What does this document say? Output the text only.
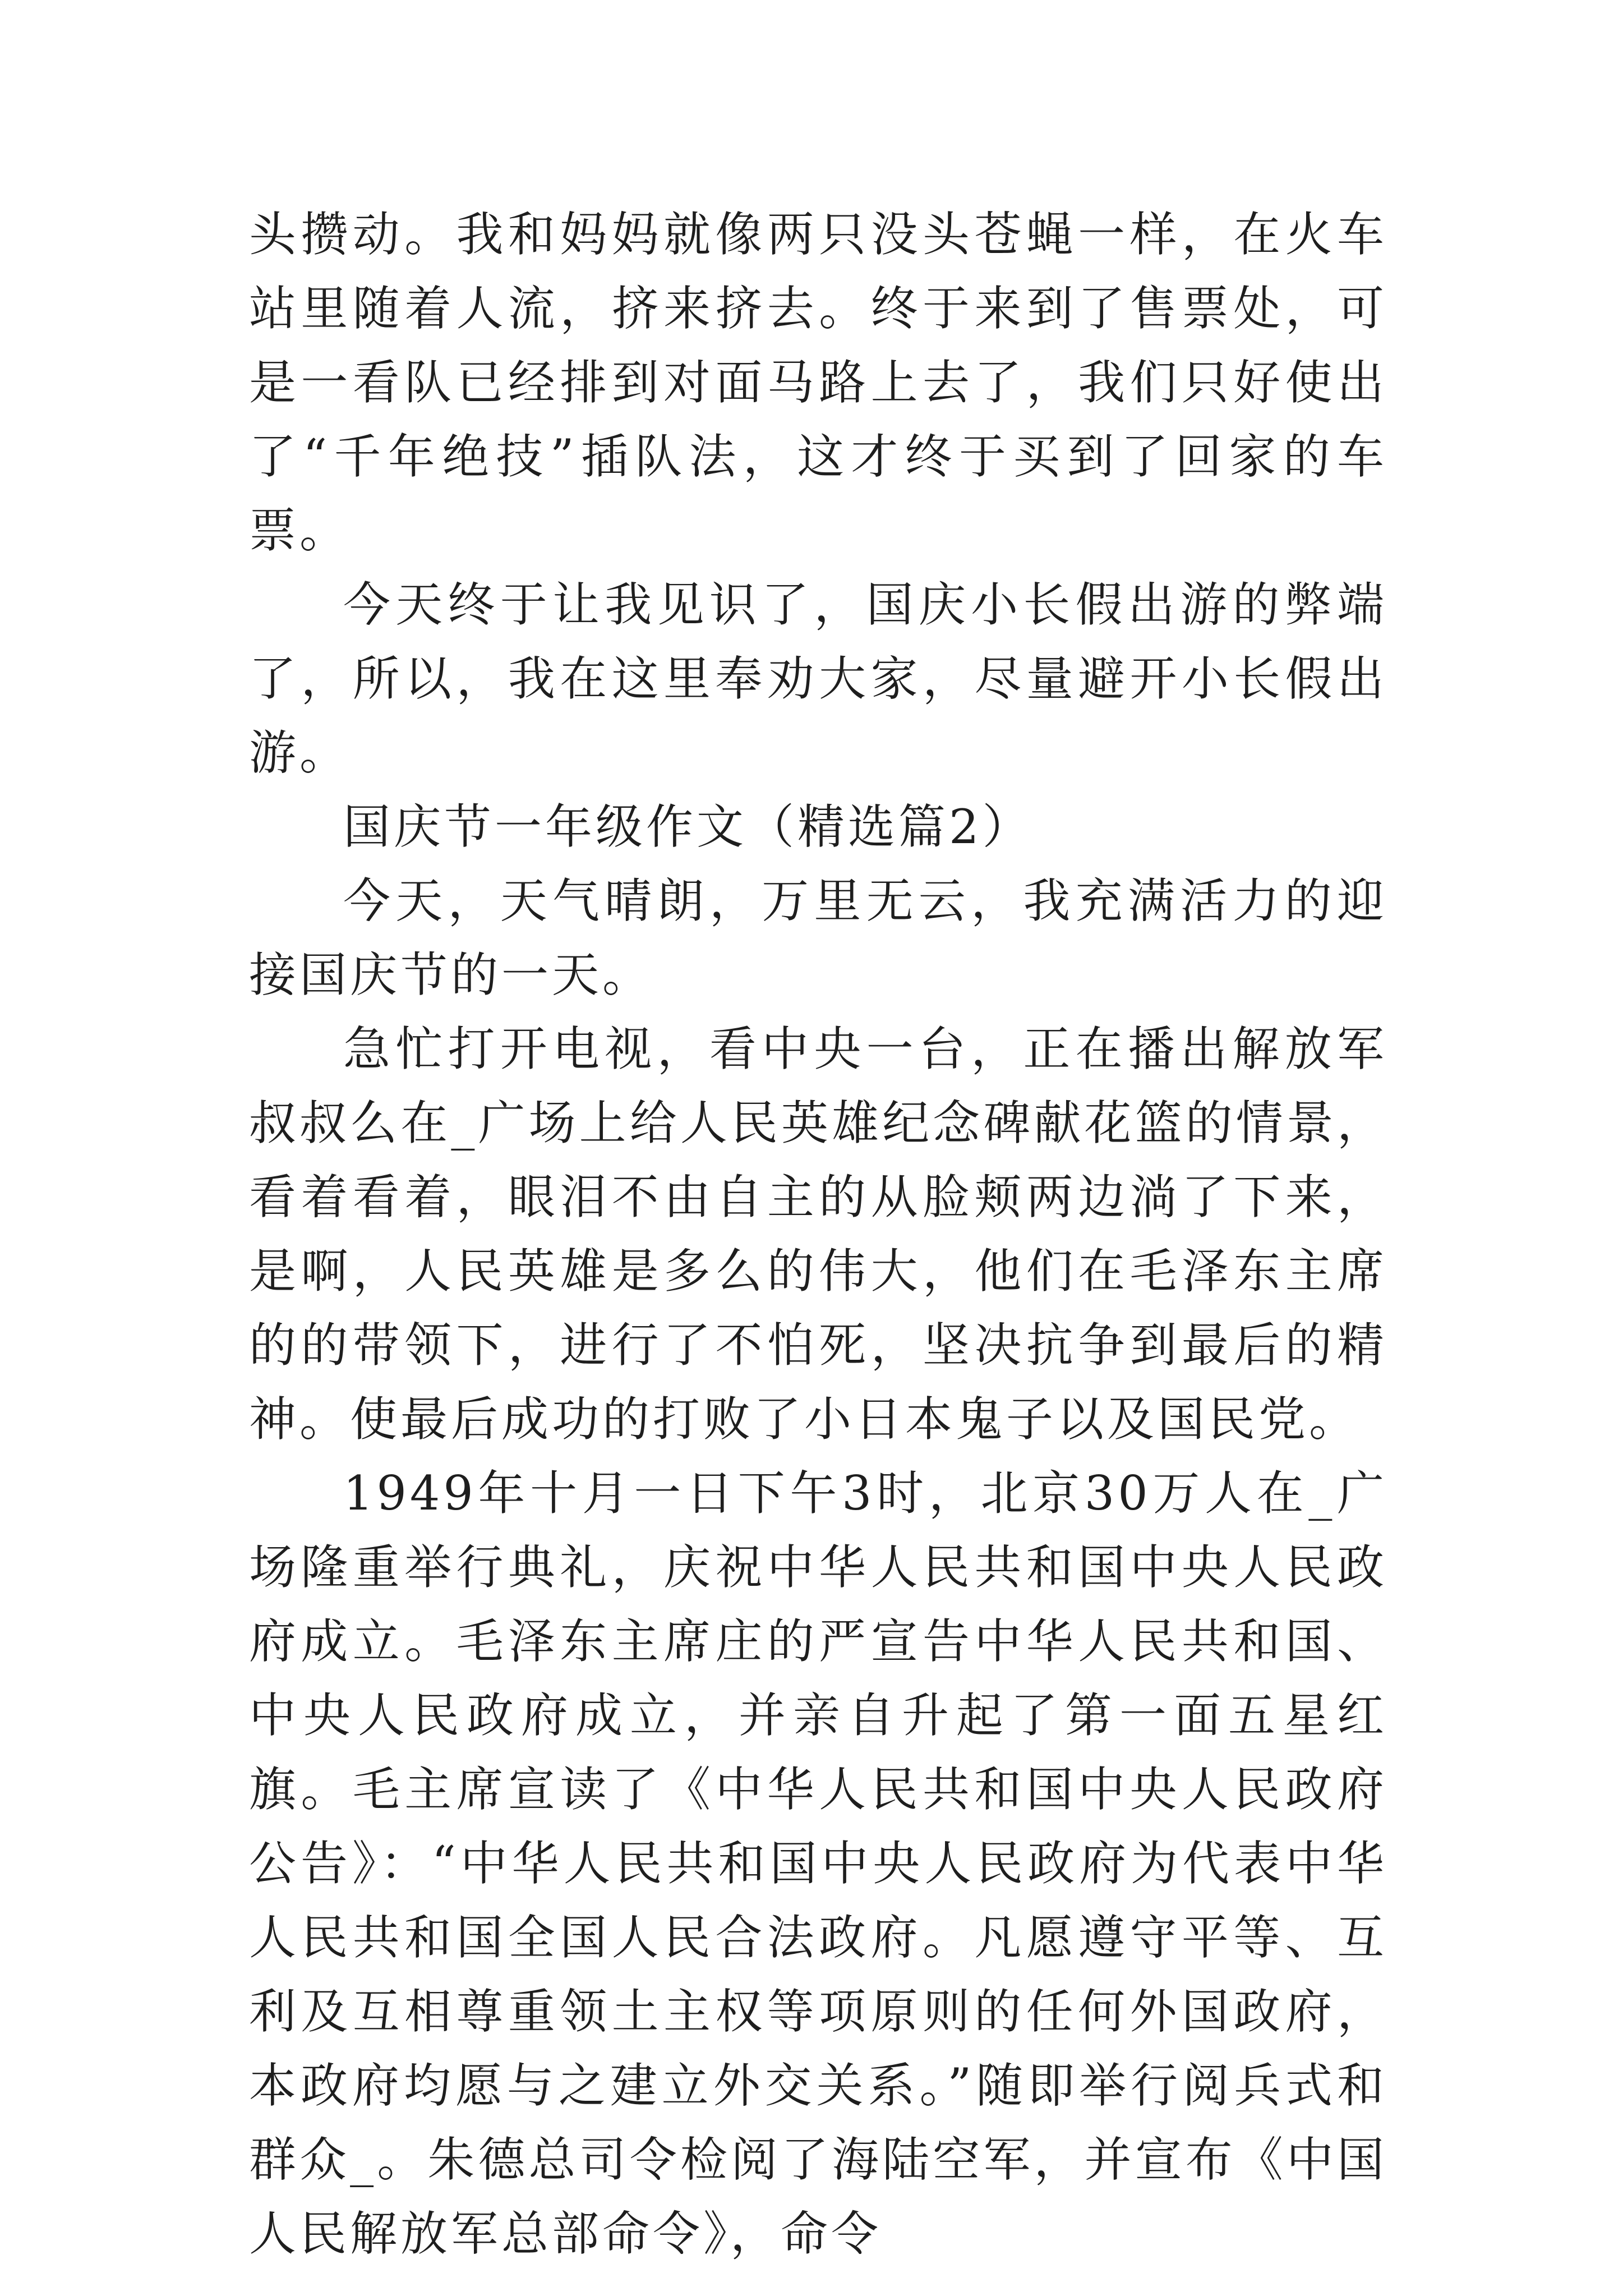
头攒动。我和妈妈就像两只没头苍蝇一样，在火车站里随着人流，挤来挤去。终于来到了售票处，可是一看队已经排到对面马路上去了，我们只好使出了“千年绝技”插队法，这才终于买到了回家的车票。

今天终于让我见识了，国庆小长假出游的弊端了，所以，我在这里奉劝大家，尽量避开小长假出游。

国庆节一年级作文（精选篇2）

今天，天气晴朗，万里无云，我充满活力的迎接国庆节的一天。

急忙打开电视，看中央一台，正在播出解放军叔叔么在_广场上给人民英雄纪念碑献花篮的情景，看着看着，眼泪不由自主的从脸颊两边淌了下来，是啊，人民英雄是多么的伟大，他们在毛泽东主席的的带领下，进行了不怕死，坚决抗争到最后的精神。使最后成功的打败了小日本鬼子以及国民党。

1949年十月一日下午3时，北京30万人在_广场隆重举行典礼，庆祝中华人民共和国中央人民政府成立。毛泽东主席庄的严宣告中华人民共和国、中央人民政府成立，并亲自升起了第一面五星红旗。毛主席宣读了《中华人民共和国中央人民政府公告》：“中华人民共和国中央人民政府为代表中华人民共和国全国人民合法政府。凡愿遵守平等、互利及互相尊重领土主权等项原则的任何外国政府，本政府均愿与之建立外交关系。”随即举行阅兵式和群众_。朱德总司令检阅了海陆空军，并宣布《中国人民解放军总部命令》，命令
